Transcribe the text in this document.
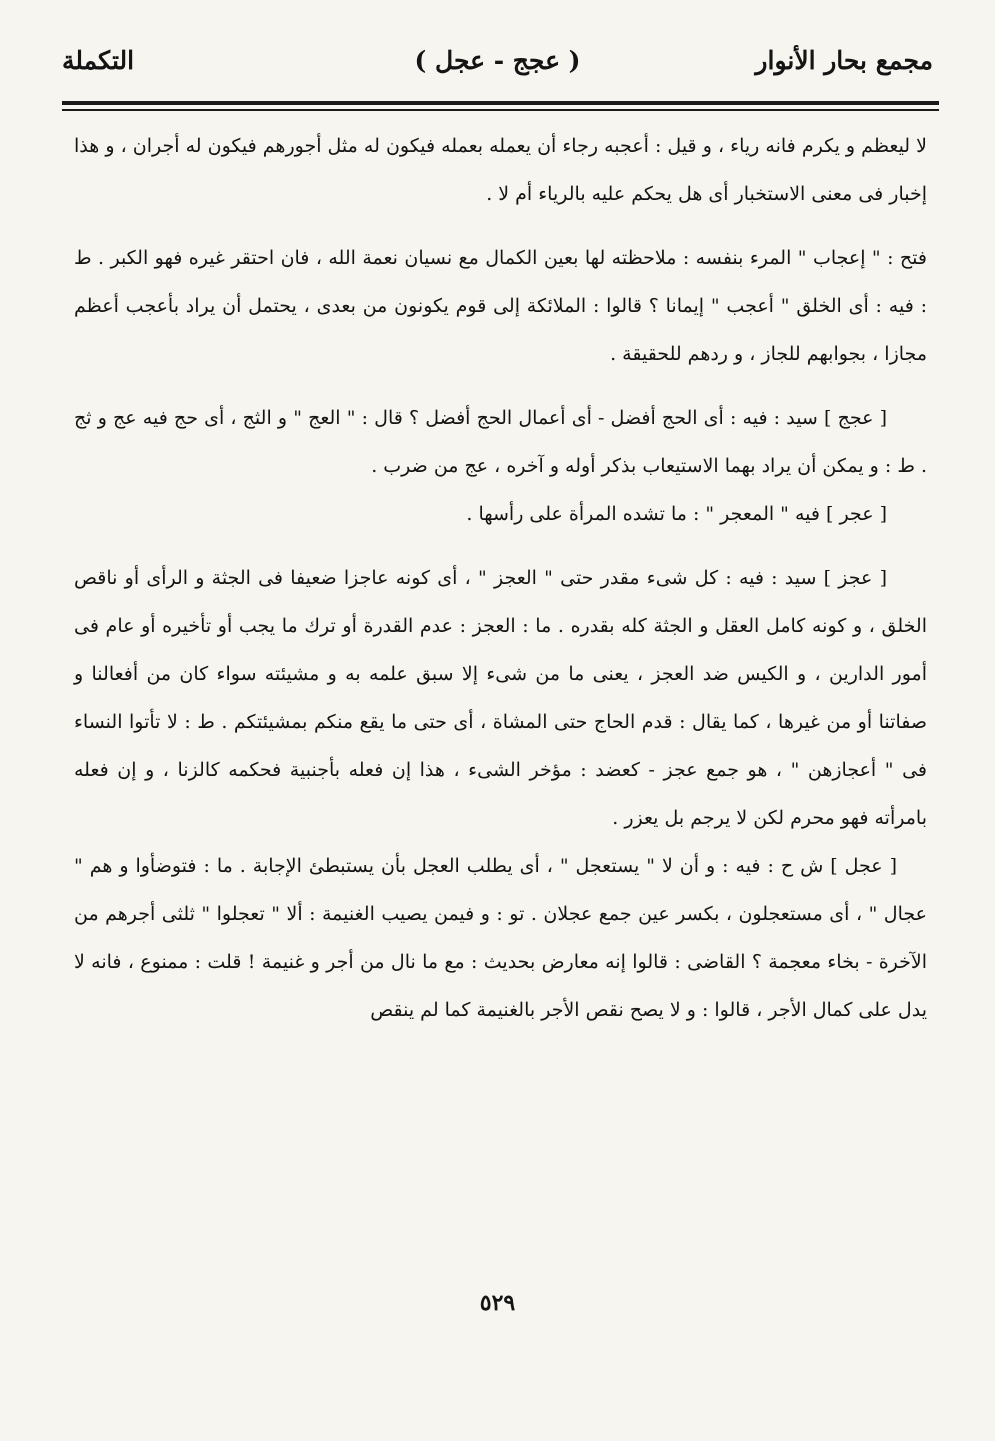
مجمع بحار الأنوار
( عجج - عجل )
التكملة

لا ليعظم و يكرم فانه رياء ، و قيل : أعجبه رجاء أن يعمله بعمله فيكون له مثل أجورهم فيكون له أجران ، و هذا إخبار فى معنى الاستخبار أى هل يحكم عليه بالرياء أم لا .

فتح : " إعجاب " المرء بنفسه : ملاحظته لها بعين الكمال مع نسيان نعمة الله ، فان احتقر غيره فهو الكبر . ط : فيه : أى الخلق " أعجب " إيمانا ؟ قالوا : الملائكة إلى قوم يكونون من بعدى ، يحتمل أن يراد بأعجب أعظم مجازا ، بجوابهم للجاز ، و ردهم للحقيقة .

[ عجج ] سيد : فيه : أى الحج أفضل - أى أعمال الحج أفضل ؟ قال : " العج " و الثج ، أى حج فيه عج و ثج . ط : و يمكن أن يراد بهما الاستيعاب بذكر أوله و آخره ، عج من ضرب .

[ عجر ] فيه " المعجر " : ما تشده المرأة على رأسها .

[ عجز ] سيد : فيه : كل شىء مقدر حتى " العجز " ، أى كونه عاجزا ضعيفا فى الجثة و الرأى أو ناقص الخلق ، و كونه كامل العقل و الجثة كله بقدره . ما : العجز : عدم القدرة أو ترك ما يجب أو تأخيره أو عام فى أمور الدارين ، و الكيس ضد العجز ، يعنى ما من شىء إلا سبق علمه به و مشيئته سواء كان من أفعالنا و صفاتنا أو من غيرها ، كما يقال : قدم الحاج حتى المشاة ، أى حتى ما يقع منكم بمشيئتكم . ط : لا تأتوا النساء فى " أعجازهن " ، هو جمع عجز - كعضد : مؤخر الشىء ، هذا إن فعله بأجنبية فحكمه كالزنا ، و إن فعله بامرأته فهو محرم لكن لا يرجم بل يعزر .

[ عجل ] ش ح : فيه : و أن لا " يستعجل " ، أى يطلب العجل بأن يستبطئ الإجابة . ما : فتوضأوا و هم " عجال " ، أى مستعجلون ، بكسر عين جمع عجلان . تو : و فيمن يصيب الغنيمة : ألا " تعجلوا " ثلثى أجرهم من الآخرة - بخاء معجمة ؟ القاضى : قالوا إنه معارض بحديث : مع ما نال من أجر و غنيمة ! قلت : ممنوع ، فانه لا يدل على كمال الأجر ، قالوا : و لا يصح نقص الأجر بالغنيمة كما لم ينقص

٥٢٩
